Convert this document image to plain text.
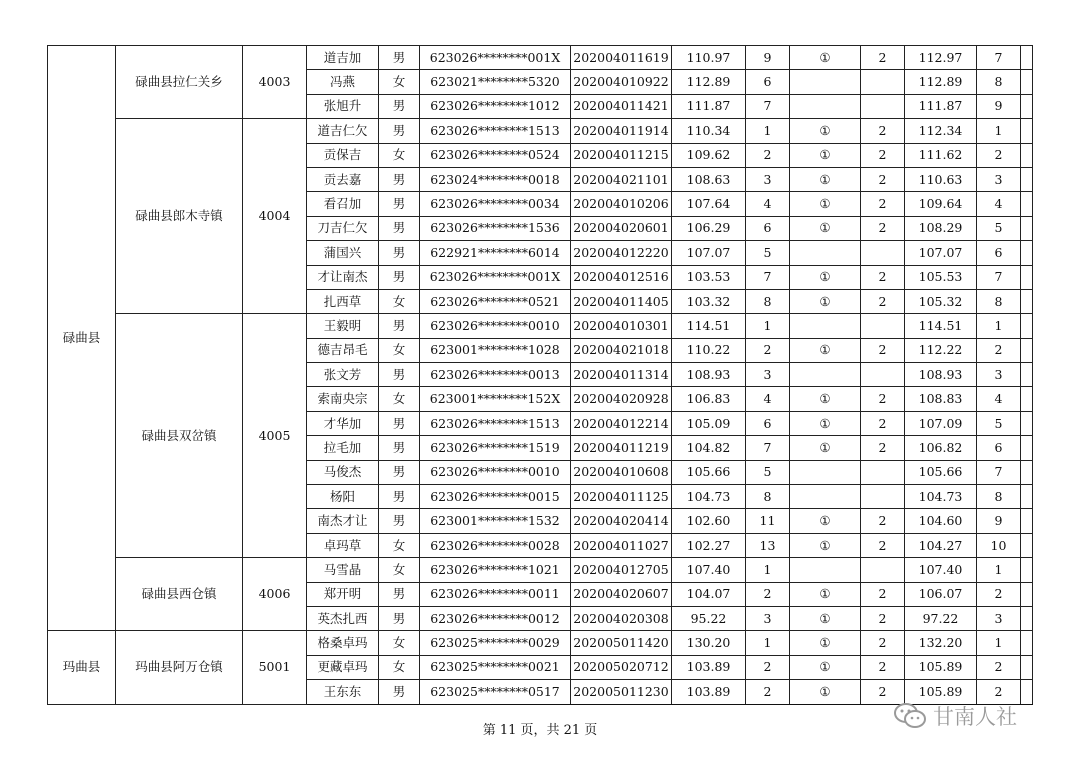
碌曲县	碌曲县拉仁关乡	4003	道吉加	男	623026********001X	202004011619	110.97	9	①	2	112.97	7	
			冯燕	女	623021********5320	202004010922	112.89	6			112.89	8	
			张旭升	男	623026********1012	202004011421	111.87	7			111.87	9	
	碌曲县郎木寺镇	4004	道吉仁欠	男	623026********1513	202004011914	110.34	1	①	2	112.34	1	
			贡保吉	女	623026********0524	202004011215	109.62	2	①	2	111.62	2	
			贡去嘉	男	623024********0018	202004021101	108.63	3	①	2	110.63	3	
			看召加	男	623026********0034	202004010206	107.64	4	①	2	109.64	4	
			刀吉仁欠	男	623026********1536	202004020601	106.29	6	①	2	108.29	5	
			蒲国兴	男	622921********6014	202004012220	107.07	5			107.07	6	
			才让南杰	男	623026********001X	202004012516	103.53	7	①	2	105.53	7	
			扎西草	女	623026********0521	202004011405	103.32	8	①	2	105.32	8	
	碌曲县双岔镇	4005	王毅明	男	623026********0010	202004010301	114.51	1			114.51	1	
			德吉昂毛	女	623001********1028	202004021018	110.22	2	①	2	112.22	2	
			张文芳	男	623026********0013	202004011314	108.93	3			108.93	3	
			索南央宗	女	623001********152X	202004020928	106.83	4	①	2	108.83	4	
			才华加	男	623026********1513	202004012214	105.09	6	①	2	107.09	5	
			拉毛加	男	623026********1519	202004011219	104.82	7	①	2	106.82	6	
			马俊杰	男	623026********0010	202004010608	105.66	5			105.66	7	
			杨阳	男	623026********0015	202004011125	104.73	8			104.73	8	
			南杰才让	男	623001********1532	202004020414	102.60	11	①	2	104.60	9	
			卓玛草	女	623026********0028	202004011027	102.27	13	①	2	104.27	10	
	碌曲县西仓镇	4006	马雪晶	女	623026********1021	202004012705	107.40	1			107.40	1	
			郑开明	男	623026********0011	202004020607	104.07	2	①	2	106.07	2	
			英杰扎西	男	623026********0012	202004020308	95.22	3	①	2	97.22	3	
玛曲县	玛曲县阿万仓镇	5001	格桑卓玛	女	623025********0029	202005011420	130.20	1	①	2	132.20	1	
			更藏卓玛	女	623025********0021	202005020712	103.89	2	①	2	105.89	2	
			王东东	男	623025********0517	202005011230	103.89	2	①	2	105.89	2	
第 11 页，共 21 页
甘南人社
